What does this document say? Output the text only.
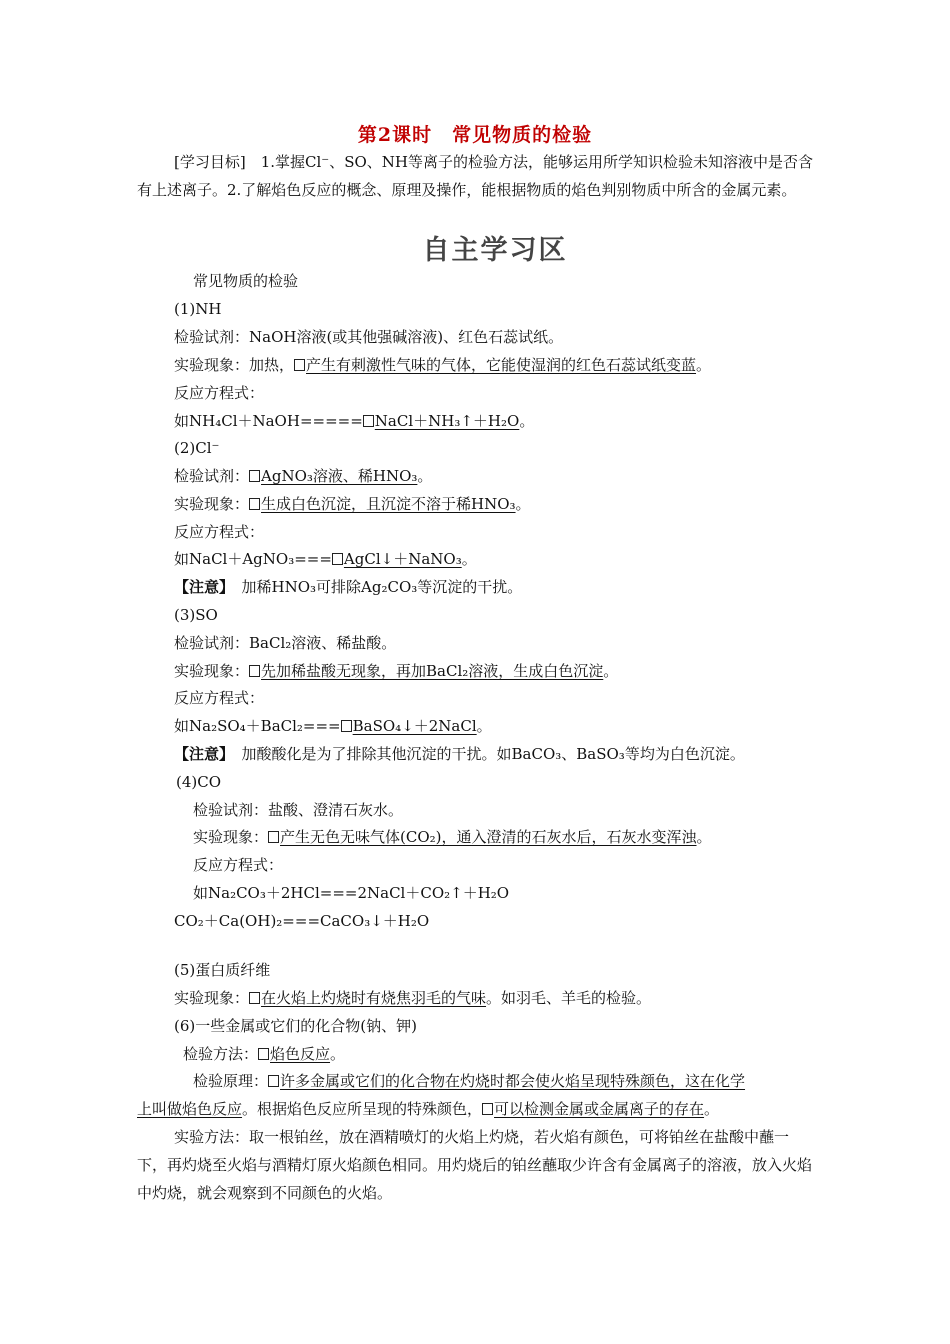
第2课时　常见物质的检验
[学习目标]　1.掌握Cl⁻、SO、NH等离子的检验方法，能够运用所学知识检验未知溶液中是否含有上述离子。2.了解焰色反应的概念、原理及操作，能根据物质的焰色判别物质中所含的金属元素。
自主学习区
常见物质的检验
(1)NH
检验试剂：NaOH溶液(或其他强碱溶液)、红色石蕊试纸。
实验现象：加热， 产生有刺激性气味的气体，它能使湿润的红色石蕊试纸变蓝。
反应方程式：
如NH₄Cl＋NaOH===== NaCl＋NH₃↑＋H₂O。
(2)Cl⁻
检验试剂： AgNO₃溶液、稀HNO₃。
实验现象： 生成白色沉淀，且沉淀不溶于稀HNO₃。
反应方程式：
如NaCl＋AgNO₃=== AgCl↓＋NaNO₃。
【注意】　加稀HNO₃可排除Ag₂CO₃等沉淀的干扰。
(3)SO
检验试剂：BaCl₂溶液、稀盐酸。
实验现象： 先加稀盐酸无现象，再加BaCl₂溶液，生成白色沉淀。
反应方程式：
如Na₂SO₄＋BaCl₂=== BaSO₄↓＋2NaCl。
【注意】　加酸酸化是为了排除其他沉淀的干扰。如BaCO₃、BaSO₃等均为白色沉淀。
(4)CO
检验试剂：盐酸、澄清石灰水。
实验现象： 产生无色无味气体(CO₂)，通入澄清的石灰水后，石灰水变浑浊。
反应方程式：
如Na₂CO₃＋2HCl===2NaCl＋CO₂↑＋H₂O
CO₂＋Ca(OH)₂===CaCO₃↓＋H₂O
(5)蛋白质纤维
实验现象： 在火焰上灼烧时有烧焦羽毛的气味。如羽毛、羊毛的检验。
(6)一些金属或它们的化合物(钠、钾)
检验方法： 焰色反应。
检验原理： 许多金属或它们的化合物在灼烧时都会使火焰呈现特殊颜色，这在化学
上叫做焰色反应。根据焰色反应所呈现的特殊颜色， 可以检测金属或金属离子的存在。
实验方法：取一根铂丝，放在酒精喷灯的火焰上灼烧，若火焰有颜色，可将铂丝在盐酸中蘸一下，再灼烧至火焰与酒精灯原火焰颜色相同。用灼烧后的铂丝蘸取少许含有金属离子的溶液，放入火焰中灼烧，就会观察到不同颜色的火焰。
